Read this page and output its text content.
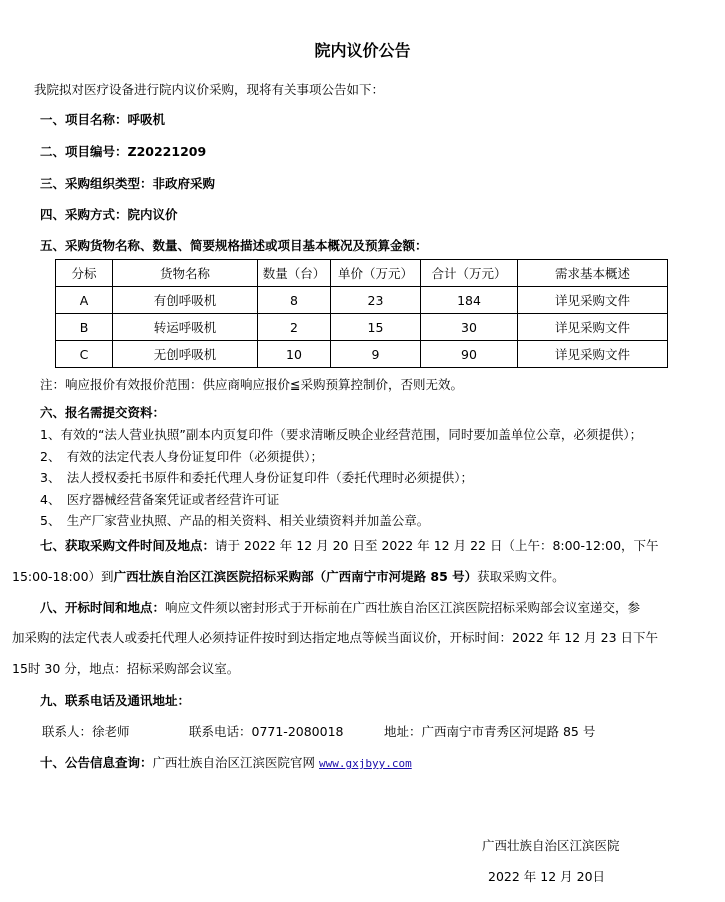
院内议价公告
我院拟对医疗设备进行院内议价采购，现将有关事项公告如下：
一、项目名称：呼吸机
二、项目编号：Z20221209
三、采购组织类型：非政府采购
四、采购方式：院内议价
五、采购货物名称、数量、简要规格描述或项目基本概况及预算金额：
分标	货物名称	数量（台）	单价（万元）	合计（万元）	需求基本概述
A	有创呼吸机	8	23	184	详见采购文件
B	转运呼吸机	2	15	30	详见采购文件
C	无创呼吸机	10	9	90	详见采购文件
注：响应报价有效报价范围：供应商响应报价≦采购预算控制价，否则无效。
六、报名需提交资料：
1、有效的“法人营业执照”副本内页复印件（要求清晰反映企业经营范围，同时要加盖单位公章，必须提供）；
2、　有效的法定代表人身份证复印件（必须提供）；
3、　法人授权委托书原件和委托代理人身份证复印件（委托代理时必须提供）；
4、　医疗器械经营备案凭证或者经营许可证
5、　生产厂家营业执照、产品的相关资料、相关业绩资料并加盖公章。
七、获取采购文件时间及地点：请于 2022 年 12 月 20 日至 2022 年 12 月 22 日（上午：8:00-12:00，下午
15:00-18:00）到广西壮族自治区江滨医院招标采购部（广西南宁市河堤路 85 号）获取采购文件。
八、开标时间和地点：响应文件须以密封形式于开标前在广西壮族自治区江滨医院招标采购部会议室递交，参
加采购的法定代表人或委托代理人必须持证件按时到达指定地点等候当面议价，开标时间：2022 年 12 月 23 日下午
15时 30 分，地点：招标采购部会议室。
九、联系电话及通讯地址：
联系人：徐老师	联系电话：0771-2080018	地址：广西南宁市青秀区河堤路 85 号
十、公告信息查询：广西壮族自治区江滨医院官网 www.gxjbyy.com
广西壮族自治区江滨医院
2022 年 12 月 20日
